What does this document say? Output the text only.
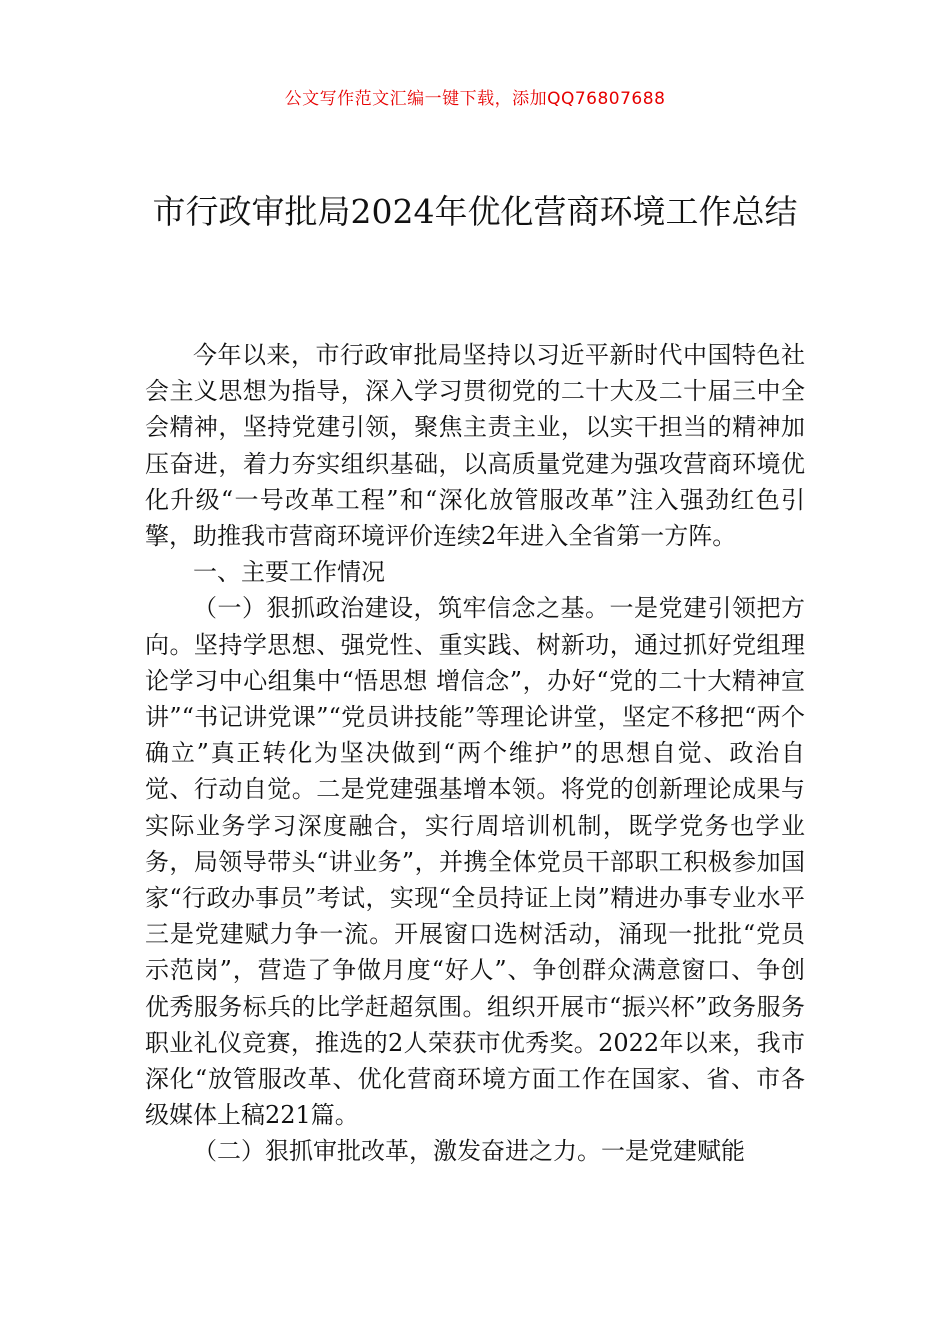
公文写作范文汇编一键下载，添加QQ76807688
市行政审批局2024年优化营商环境工作总结

今年以来，市行政审批局坚持以习近平新时代中国特色社会主义思想为指导，深入学习贯彻党的二十大及二十届三中全会精神，坚持党建引领，聚焦主责主业，以实干担当的精神加压奋进，着力夯实组织基础，以高质量党建为强攻营商环境优化升级“一号改革工程”和“深化放管服改革”注入强劲红色引擎，助推我市营商环境评价连续2年进入全省第一方阵。

一、主要工作情况

（一）狠抓政治建设，筑牢信念之基。一是党建引领把方向。坚持学思想、强党性、重实践、树新功，通过抓好党组理论学习中心组集中“悟思想 增信念”，办好“党的二十大精神宣讲”“书记讲党课”“党员讲技能”等理论讲堂，坚定不移把“两个确立”真正转化为坚决做到“两个维护”的思想自觉、政治自觉、行动自觉。二是党建强基增本领。将党的创新理论成果与实际业务学习深度融合，实行周培训机制，既学党务也学业务，局领导带头“讲业务”，并携全体党员干部职工积极参加国家“行政办事员”考试，实现“全员持证上岗”精进办事专业水平三是党建赋力争一流。开展窗口选树活动，涌现一批批“党员示范岗”，营造了争做月度“好人”、争创群众满意窗口、争创优秀服务标兵的比学赶超氛围。组织开展市“振兴杯”政务服务职业礼仪竞赛，推选的2人荣获市优秀奖。2022年以来，我市深化“放管服改革、优化营商环境方面工作在国家、省、市各级媒体上稿221篇。

（二）狠抓审批改革，激发奋进之力。一是党建赋能
